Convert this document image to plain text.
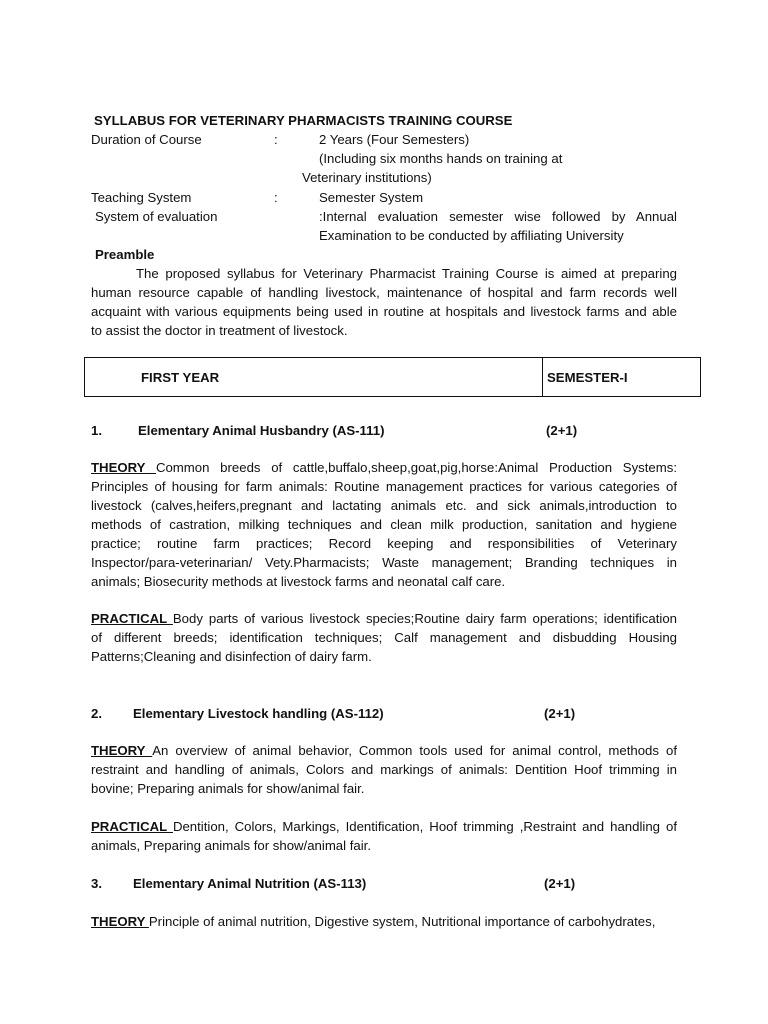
SYLLABUS FOR VETERINARY PHARMACISTS TRAINING COURSE
Duration of Course	:	2 Years (Four Semesters)
(Including six months hands on training at
Veterinary institutions)
Teaching System	:	Semester System
System of evaluation	:Internal evaluation semester wise followed by Annual
Examination to be conducted by affiliating University
Preamble
The proposed syllabus for Veterinary Pharmacist Training Course is aimed at preparing
human resource capable of handling livestock, maintenance of hospital and farm records well
acquaint with various equipments being used in routine at hospitals and livestock farms and able
to assist the doctor in treatment of livestock.
FIRST YEAR	SEMESTER-I
1.	Elementary Animal Husbandry (AS-111)	(2+1)
THEORY Common breeds of cattle,buffalo,sheep,goat,pig,horse:Animal Production Systems:
Principles of housing for farm animals: Routine management practices for various categories of
livestock (calves,heifers,pregnant and lactating animals etc. and sick animals,introduction to
methods of castration, milking techniques and clean milk production, sanitation and hygiene
practice; routine farm practices; Record keeping and responsibilities of Veterinary
Inspector/para-veterinarian/ Vety.Pharmacists; Waste management; Branding techniques in
animals; Biosecurity methods at livestock farms and neonatal calf care.
PRACTICAL Body parts of various livestock species;Routine dairy farm operations; identification
of different breeds; identification techniques; Calf management and disbudding Housing
Patterns;Cleaning and disinfection of dairy farm.
2. Elementary Livestock handling (AS-112)	(2+1)
THEORY An overview of animal behavior, Common tools used for animal control, methods of
restraint and handling of animals, Colors and markings of animals: Dentition Hoof trimming in
bovine; Preparing animals for show/animal fair.
PRACTICAL Dentition, Colors, Markings, Identification, Hoof trimming ,Restraint and handling of
animals, Preparing animals for show/animal fair.
3. Elementary Animal Nutrition (AS-113)	(2+1)
THEORY Principle of animal nutrition, Digestive system, Nutritional importance of carbohydrates,
